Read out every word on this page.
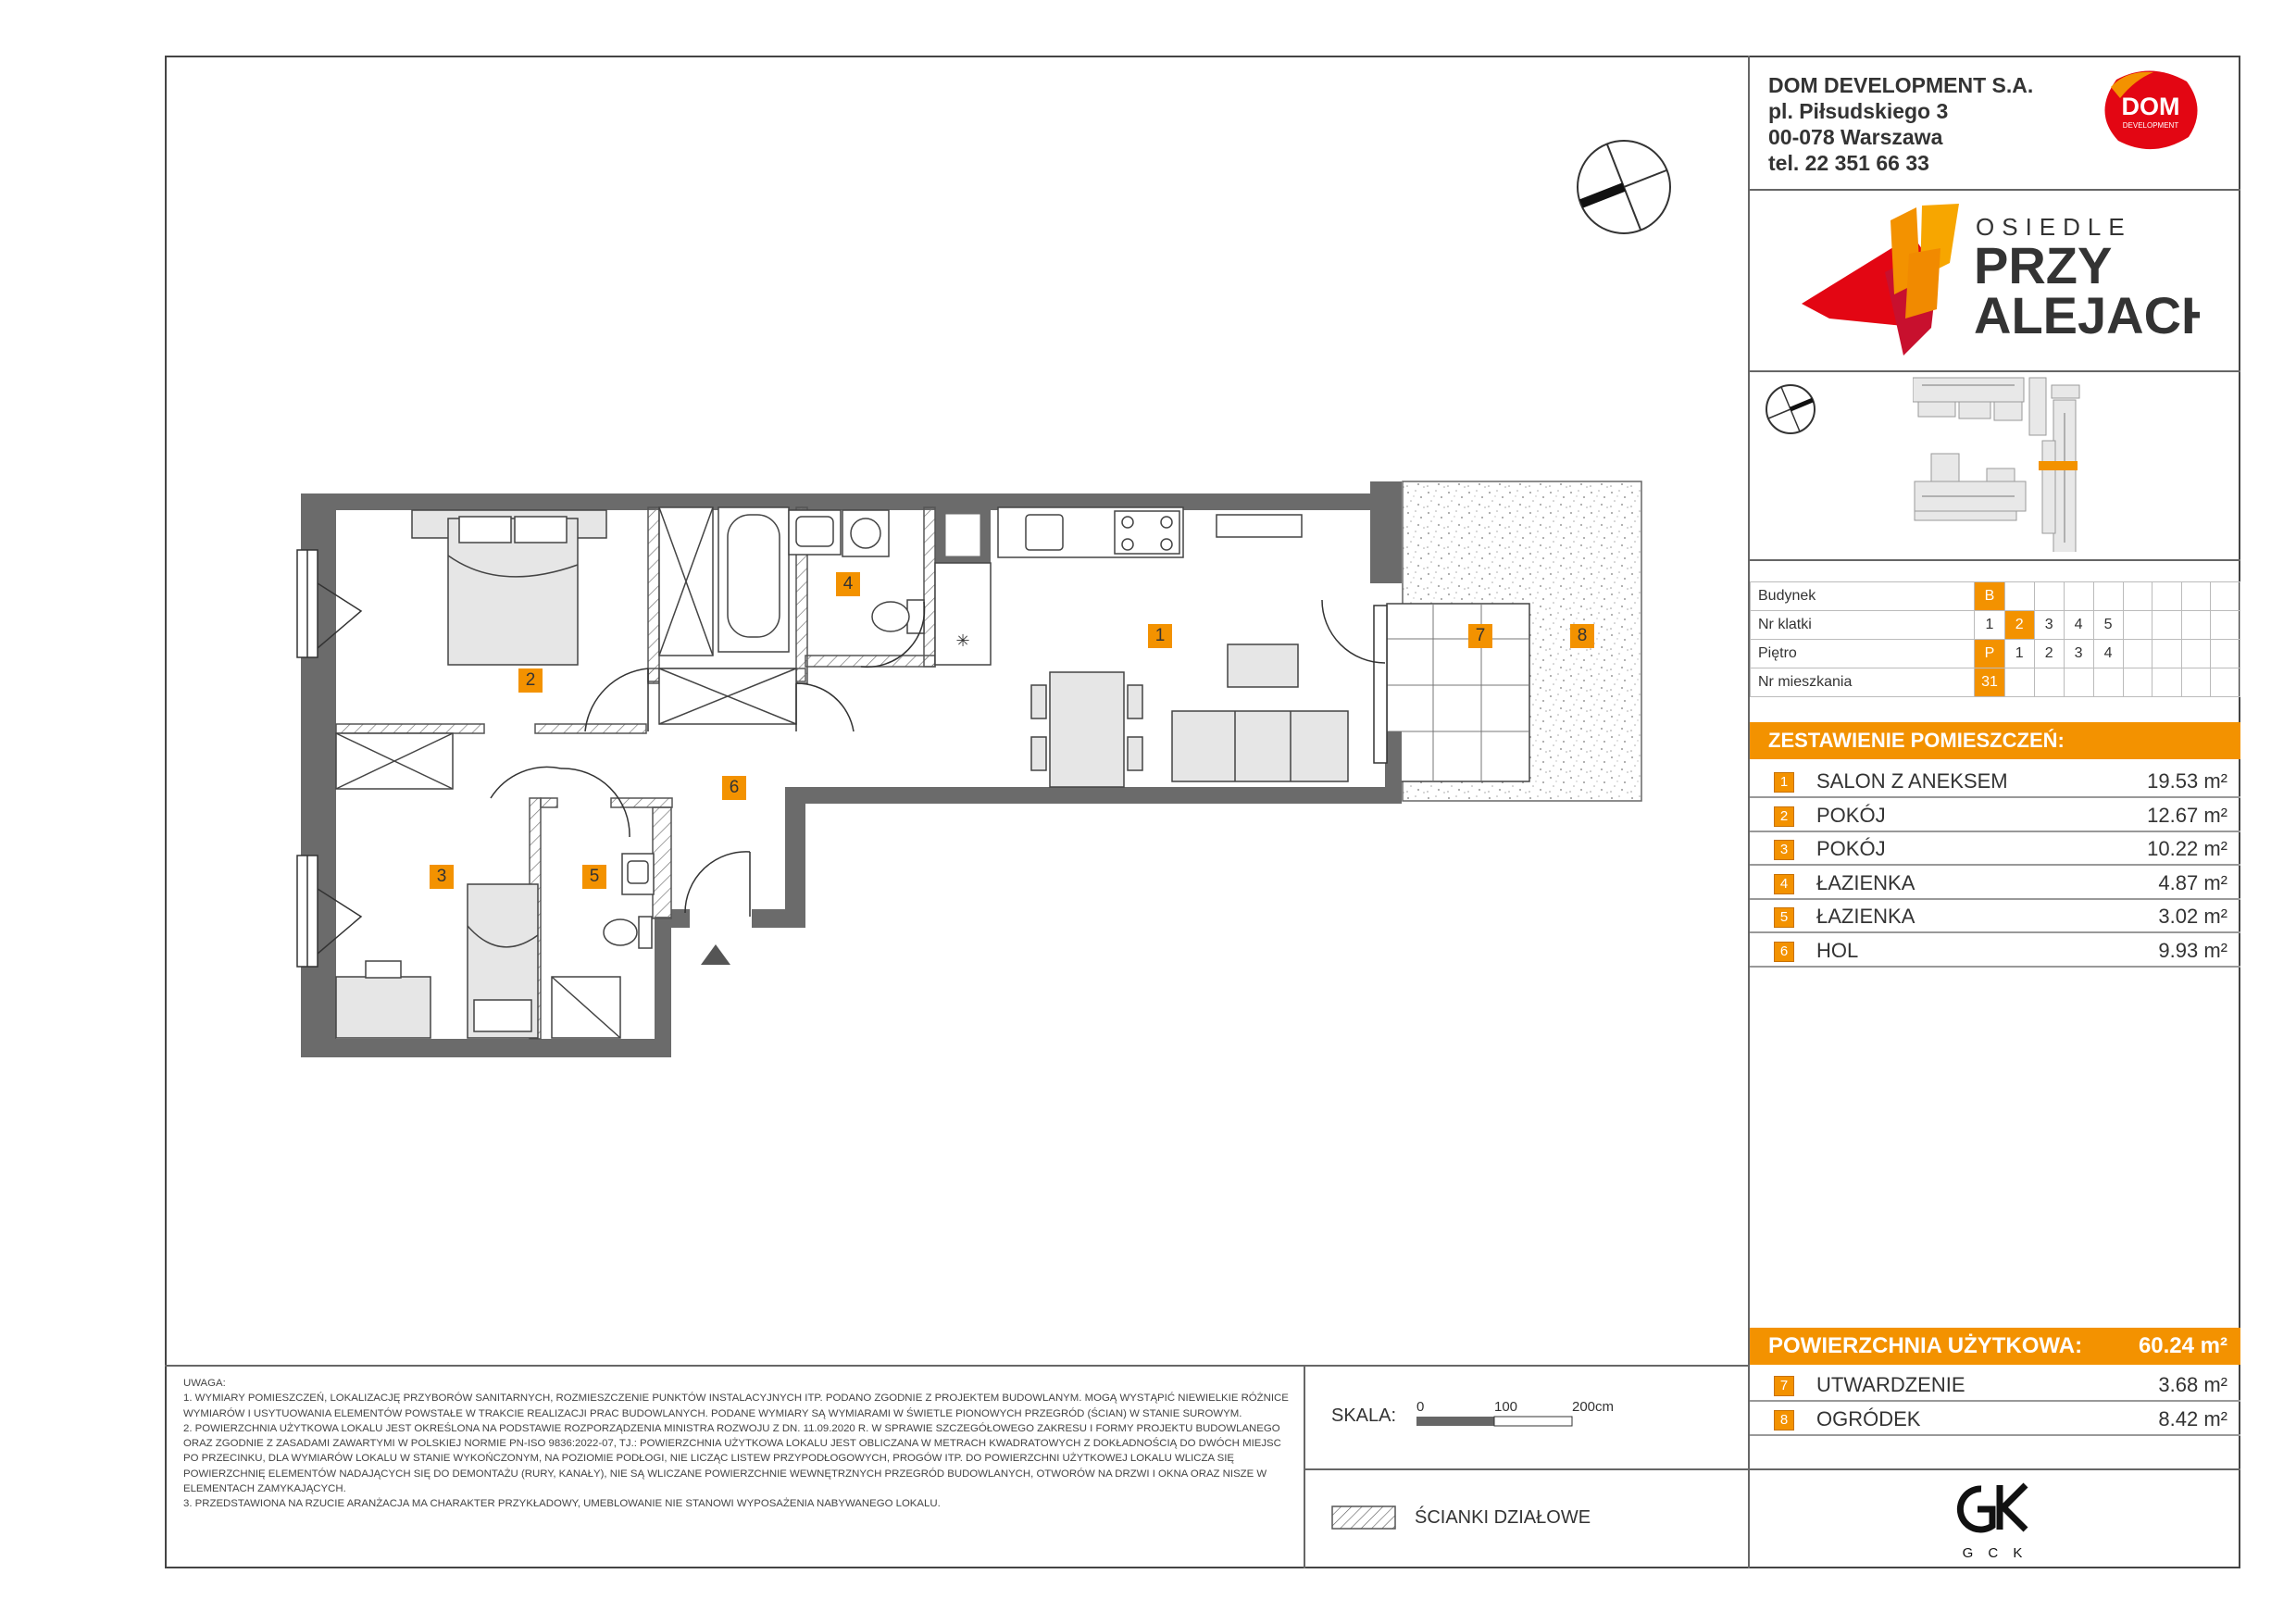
DOM DEVELOPMENT S.A.
pl. Piłsudskiego 3
00-078 Warszawa
tel. 22 351 66 33
DOM
DEVELOPMENT
OSIEDLE
PRZY
ALEJACH
Budynek	B								
Nr klatki	1	2	3	4	5				
Piętro	P	1	2	3	4				
Nr mieszkania	31								
ZESTAWIENIE POMIESZCZEŃ:
1	SALON Z ANEKSEM	19.53 m²
2	POKÓJ	12.67 m²
3	POKÓJ	10.22 m²
4	ŁAZIENKA	4.87 m²
5	ŁAZIENKA	3.02 m²
6	HOL	9.93 m²
POWIERZCHNIA UŻYTKOWA:	60.24 m²
7	UTWARDZENIE	3.68 m²
8	OGRÓDEK	8.42 m²
G C K

UWAGA:

1. WYMIARY POMIESZCZEŃ, LOKALIZACJĘ PRZYBORÓW SANITARNYCH, ROZMIESZCZENIE PUNKTÓW INSTALACYJNYCH ITP. PODANO ZGODNIE Z PROJEKTEM BUDOWLANYM. MOGĄ WYSTĄPIĆ NIEWIELKIE RÓŻNICE WYMIARÓW I USYTUOWANIA ELEMENTÓW POWSTAŁE W TRAKCIE REALIZACJI PRAC BUDOWLANYCH. PODANE WYMIARY SĄ WYMIARAMI W ŚWIETLE PIONOWYCH PRZEGRÓD (ŚCIAN) W STANIE SUROWYM.

2. POWIERZCHNIA UŻYTKOWA LOKALU JEST OKREŚLONA NA PODSTAWIE ROZPORZĄDZENIA MINISTRA ROZWOJU Z DN. 11.09.2020 R. W SPRAWIE SZCZEGÓŁOWEGO ZAKRESU I FORMY PROJEKTU BUDOWLANEGO ORAZ ZGODNIE Z ZASADAMI ZAWARTYMI W POLSKIEJ NORMIE PN-ISO 9836:2022-07, TJ.: POWIERZCHNIA UŻYTKOWA LOKALU JEST OBLICZANA W METRACH KWADRATOWYCH Z DOKŁADNOŚCIĄ DO DWÓCH MIEJSC PO PRZECINKU, DLA WYMIARÓW LOKALU W STANIE WYKOŃCZONYM, NA POZIOMIE PODŁOGI, NIE LICZĄC LISTEW PRZYPODŁOGOWYCH, PROGÓW ITP. DO POWIERZCHNI UŻYTKOWEJ LOKALU WLICZA SIĘ POWIERZCHNIĘ ELEMENTÓW NADAJĄCYCH SIĘ DO DEMONTAŻU (RURY, KANAŁY), NIE SĄ WLICZANE POWIERZCHNIE WEWNĘTRZNYCH PRZEGRÓD BUDOWLANYCH, OTWORÓW NA DRZWI I OKNA ORAZ NISZE W ELEMENTACH ZAMYKAJĄCYCH.

3. PRZEDSTAWIONA NA RZUCIE ARANŻACJA MA CHARAKTER PRZYKŁADOWY, UMEBLOWANIE NIE STANOWI WYPOSAŻENIA NABYWANEGO LOKALU.

SKALA: 0	100	200cm
ŚCIANKI DZIAŁOWE
✳	1
2
3
4
5
6
7	8
